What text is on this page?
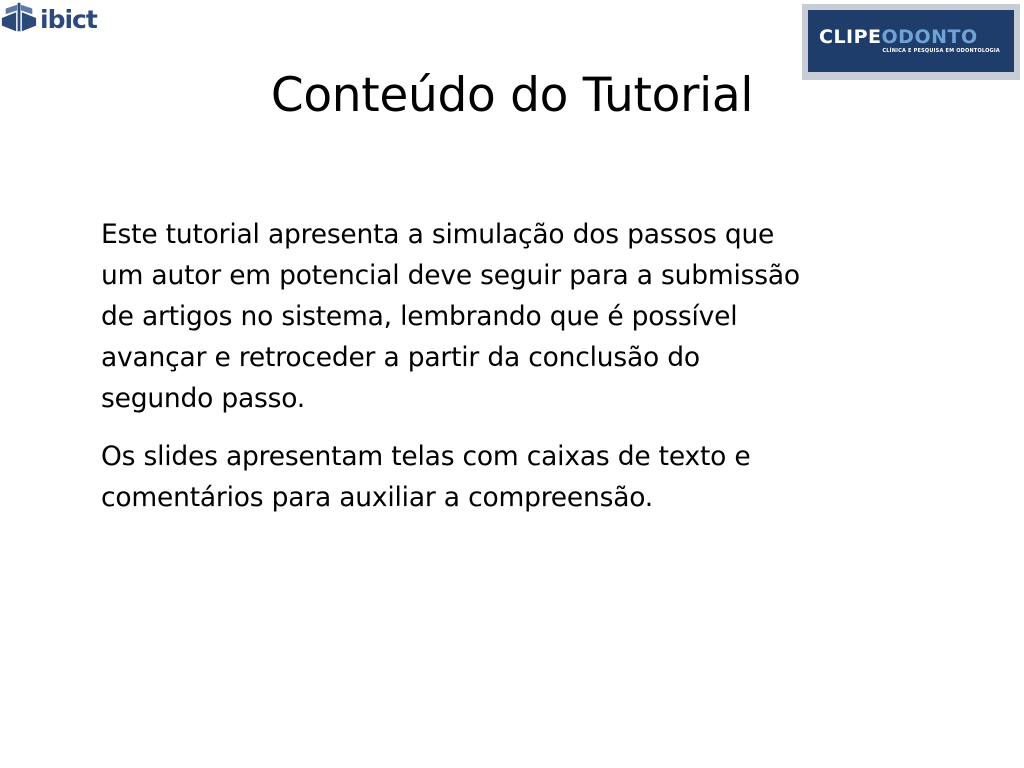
ibict
CLIPEODONTO
CLÍNICA E PESQUISA EM ODONTOLOGIA
Conteúdo do Tutorial

Este tutorial apresenta a simulação dos passos que
um autor em potencial deve seguir para a submissão
de artigos no sistema, lembrando que é possível
avançar e retroceder a partir da conclusão do
segundo passo.

Os slides apresentam telas com caixas de texto e
comentários para auxiliar a compreensão.
